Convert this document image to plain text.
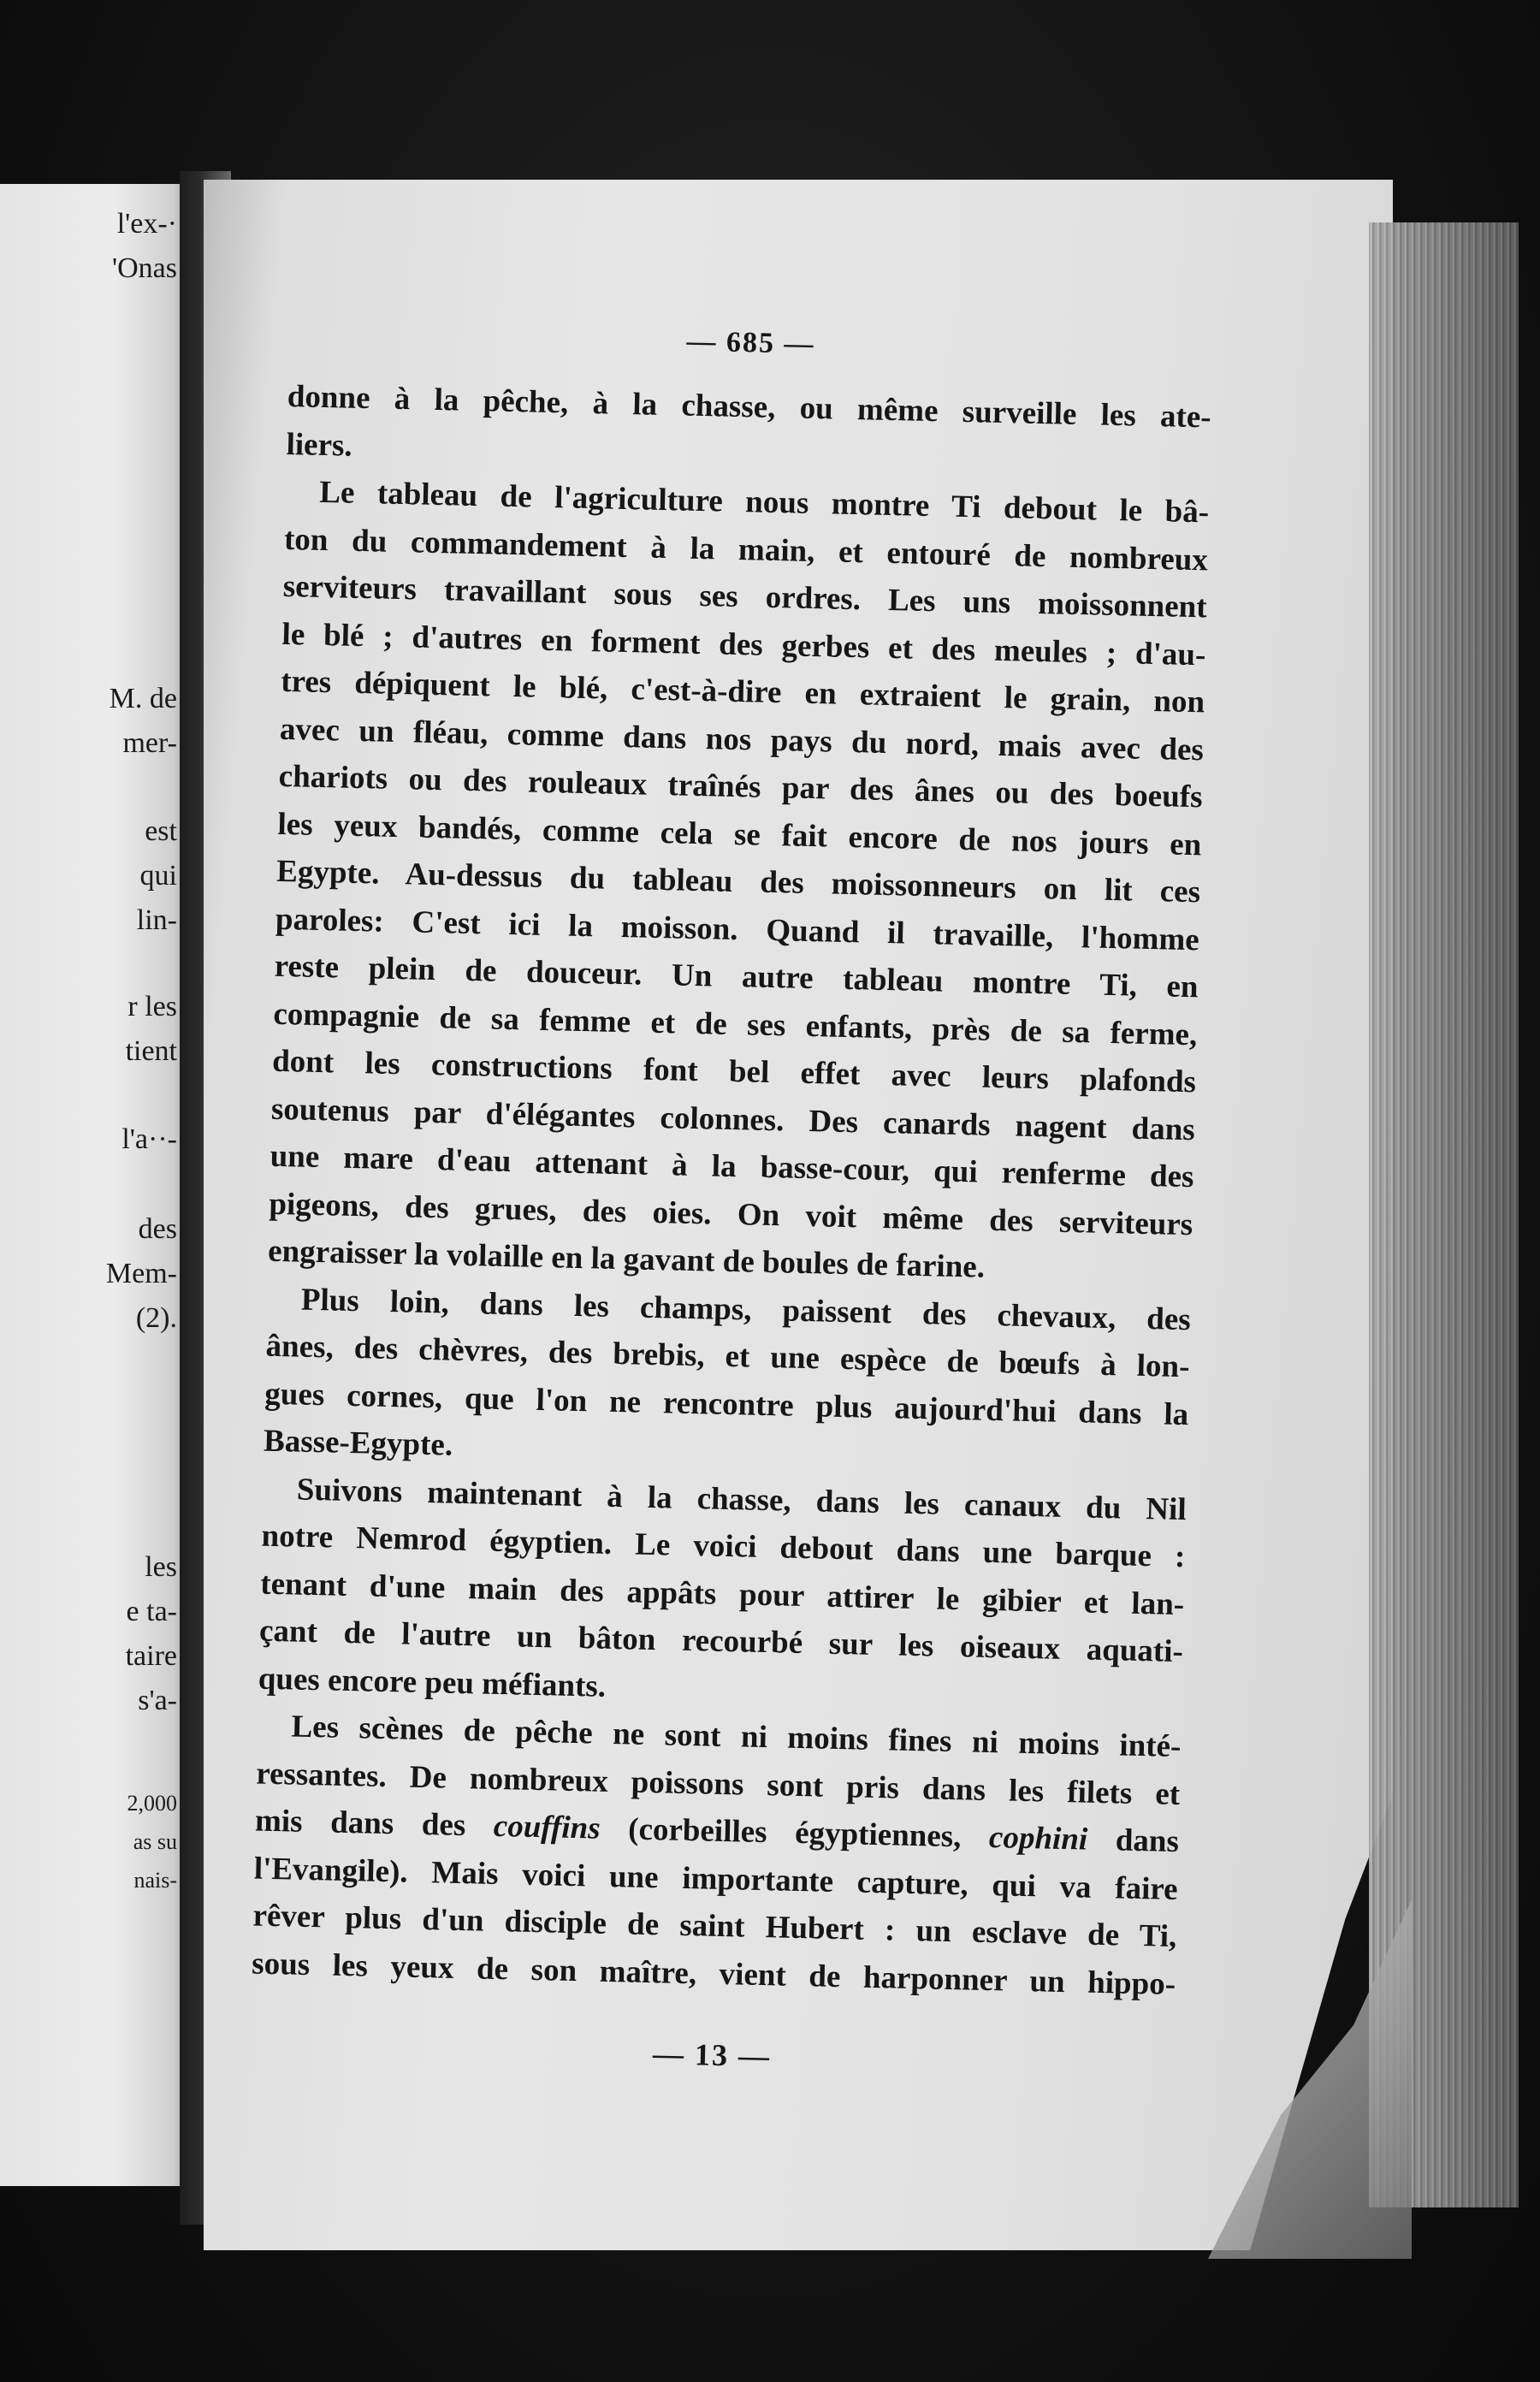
l'ex-·
'Onas
M. de
mer-
est
qui
lin-
r les
tient
l'a··-
des
Mem-
(2).
les
e ta-
taire
s'a-
2,000
as su
nais-
— 685 —
donne à la pêche, à la chasse, ou même surveille les ate-
liers.
Le tableau de l'agriculture nous montre Ti debout le bâ-
ton du commandement à la main, et entouré de nombreux
serviteurs travaillant sous ses ordres. Les uns moissonnent
le blé ; d'autres en forment des gerbes et des meules ; d'au-
tres dépiquent le blé, c'est-à-dire en extraient le grain, non
avec un fléau, comme dans nos pays du nord, mais avec des
chariots ou des rouleaux traînés par des ânes ou des boeufs
les yeux bandés, comme cela se fait encore de nos jours en
Egypte. Au-dessus du tableau des moissonneurs on lit ces
paroles: C'est ici la moisson. Quand il travaille, l'homme
reste plein de douceur. Un autre tableau montre Ti, en
compagnie de sa femme et de ses enfants, près de sa ferme,
dont les constructions font bel effet avec leurs plafonds
soutenus par d'élégantes colonnes. Des canards nagent dans
une mare d'eau attenant à la basse-cour, qui renferme des
pigeons, des grues, des oies. On voit même des serviteurs
engraisser la volaille en la gavant de boules de farine.
Plus loin, dans les champs, paissent des chevaux, des
ânes, des chèvres, des brebis, et une espèce de bœufs à lon-
gues cornes, que l'on ne rencontre plus aujourd'hui dans la
Basse-Egypte.
Suivons maintenant à la chasse, dans les canaux du Nil
notre Nemrod égyptien. Le voici debout dans une barque :
tenant d'une main des appâts pour attirer le gibier et lan-
çant de l'autre un bâton recourbé sur les oiseaux aquati-
ques encore peu méfiants.
Les scènes de pêche ne sont ni moins fines ni moins inté-
ressantes. De nombreux poissons sont pris dans les filets et
mis dans des couffins (corbeilles égyptiennes, cophini dans
l'Evangile). Mais voici une importante capture, qui va faire
rêver plus d'un disciple de saint Hubert : un esclave de Ti,
sous les yeux de son maître, vient de harponner un hippo-
— 13 —
